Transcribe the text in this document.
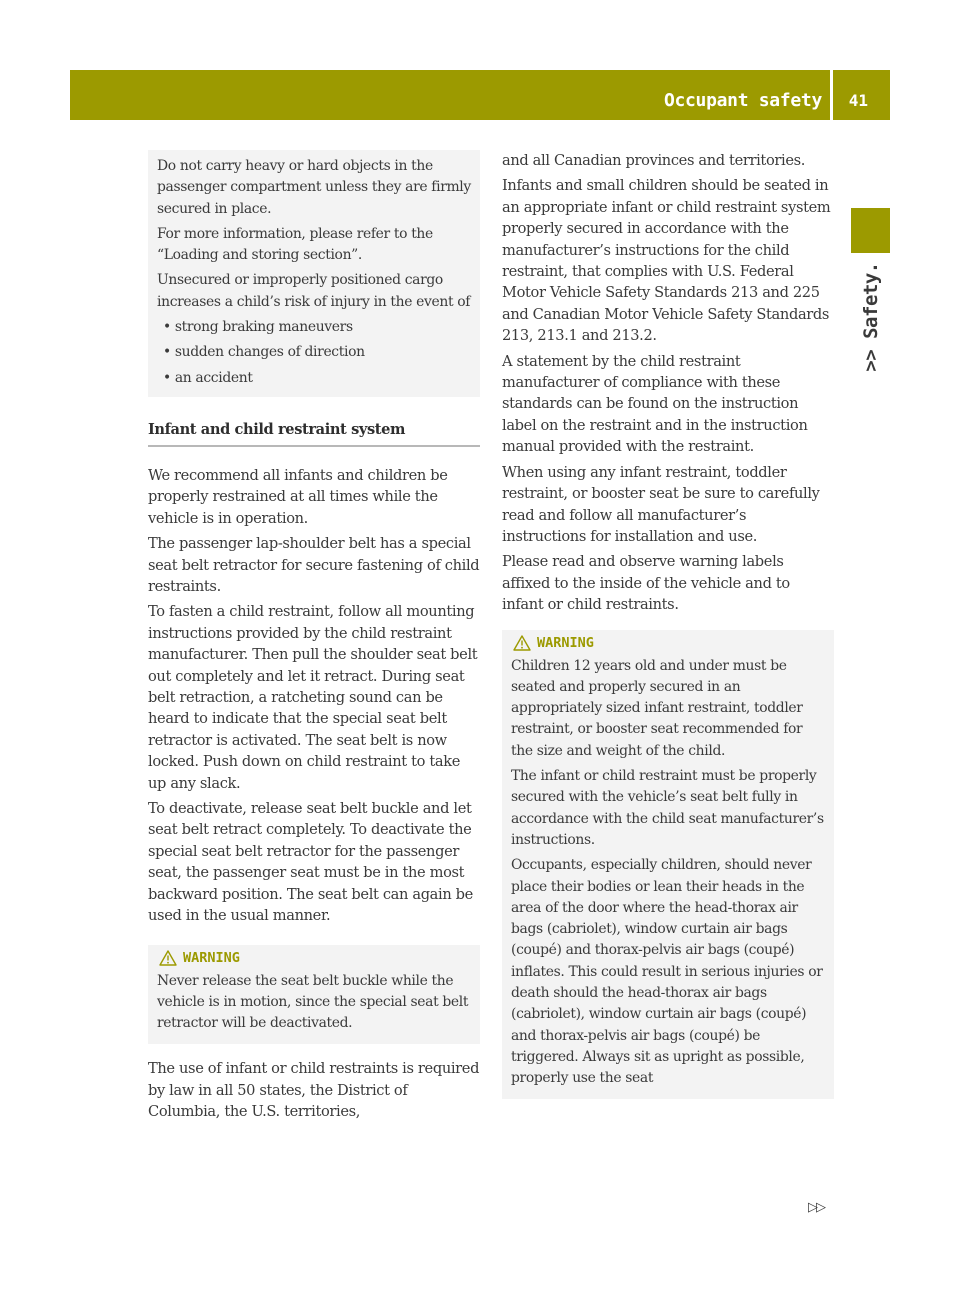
Occupant safety 41
>> Safety.

Do not carry heavy or hard objects in the passenger compartment unless they are firmly secured in place.

For more information, please refer to the “Loading and storing section”.

Unsecured or improperly positioned cargo increases a child’s risk of injury in the event of

• strong braking maneuvers
• sudden changes of direction
• an accident
Infant and child restraint system

We recommend all infants and children be properly restrained at all times while the vehicle is in operation.

The passenger lap-shoulder belt has a special seat belt retractor for secure fastening of child restraints.

To fasten a child restraint, follow all mounting instructions provided by the child restraint manufacturer. Then pull the shoulder seat belt out completely and let it retract. During seat belt retraction, a ratcheting sound can be heard to indicate that the special seat belt retractor is activated. The seat belt is now locked. Push down on child restraint to take up any slack.

To deactivate, release seat belt buckle and let seat belt retract completely. To deactivate the special seat belt retractor for the passenger seat, the passenger seat must be in the most backward position. The seat belt can again be used in the usual manner.

WARNING

Never release the seat belt buckle while the vehicle is in motion, since the special seat belt retractor will be deactivated.

The use of infant or child restraints is required by law in all 50 states, the District of Columbia, the U.S. territories,

and all Canadian provinces and territories.

Infants and small children should be seated in an appropriate infant or child restraint system properly secured in accordance with the manufacturer’s instructions for the child restraint, that complies with U.S. Federal Motor Vehicle Safety Standards 213 and 225 and Canadian Motor Vehicle Safety Standards 213, 213.1 and 213.2.

A statement by the child restraint manufacturer of compliance with these standards can be found on the instruction label on the restraint and in the instruction manual provided with the restraint.

When using any infant restraint, toddler restraint, or booster seat be sure to carefully read and follow all manufacturer’s instructions for installation and use.

Please read and observe warning labels affixed to the inside of the vehicle and to infant or child restraints.

WARNING

Children 12 years old and under must be seated and properly secured in an appropriately sized infant restraint, toddler restraint, or booster seat recommended for the size and weight of the child.

The infant or child restraint must be properly secured with the vehicle’s seat belt fully in accordance with the child seat manufacturer’s instructions.

Occupants, especially children, should never place their bodies or lean their heads in the area of the door where the head-thorax air bags (cabriolet), window curtain air bags (coupé) and thorax-pelvis air bags (coupé) inflates. This could result in serious injuries or death should the head-thorax air bags (cabriolet), window curtain air bags (coupé) and thorax-pelvis air bags (coupé) be triggered. Always sit as upright as possible, properly use the seat

▷▷
